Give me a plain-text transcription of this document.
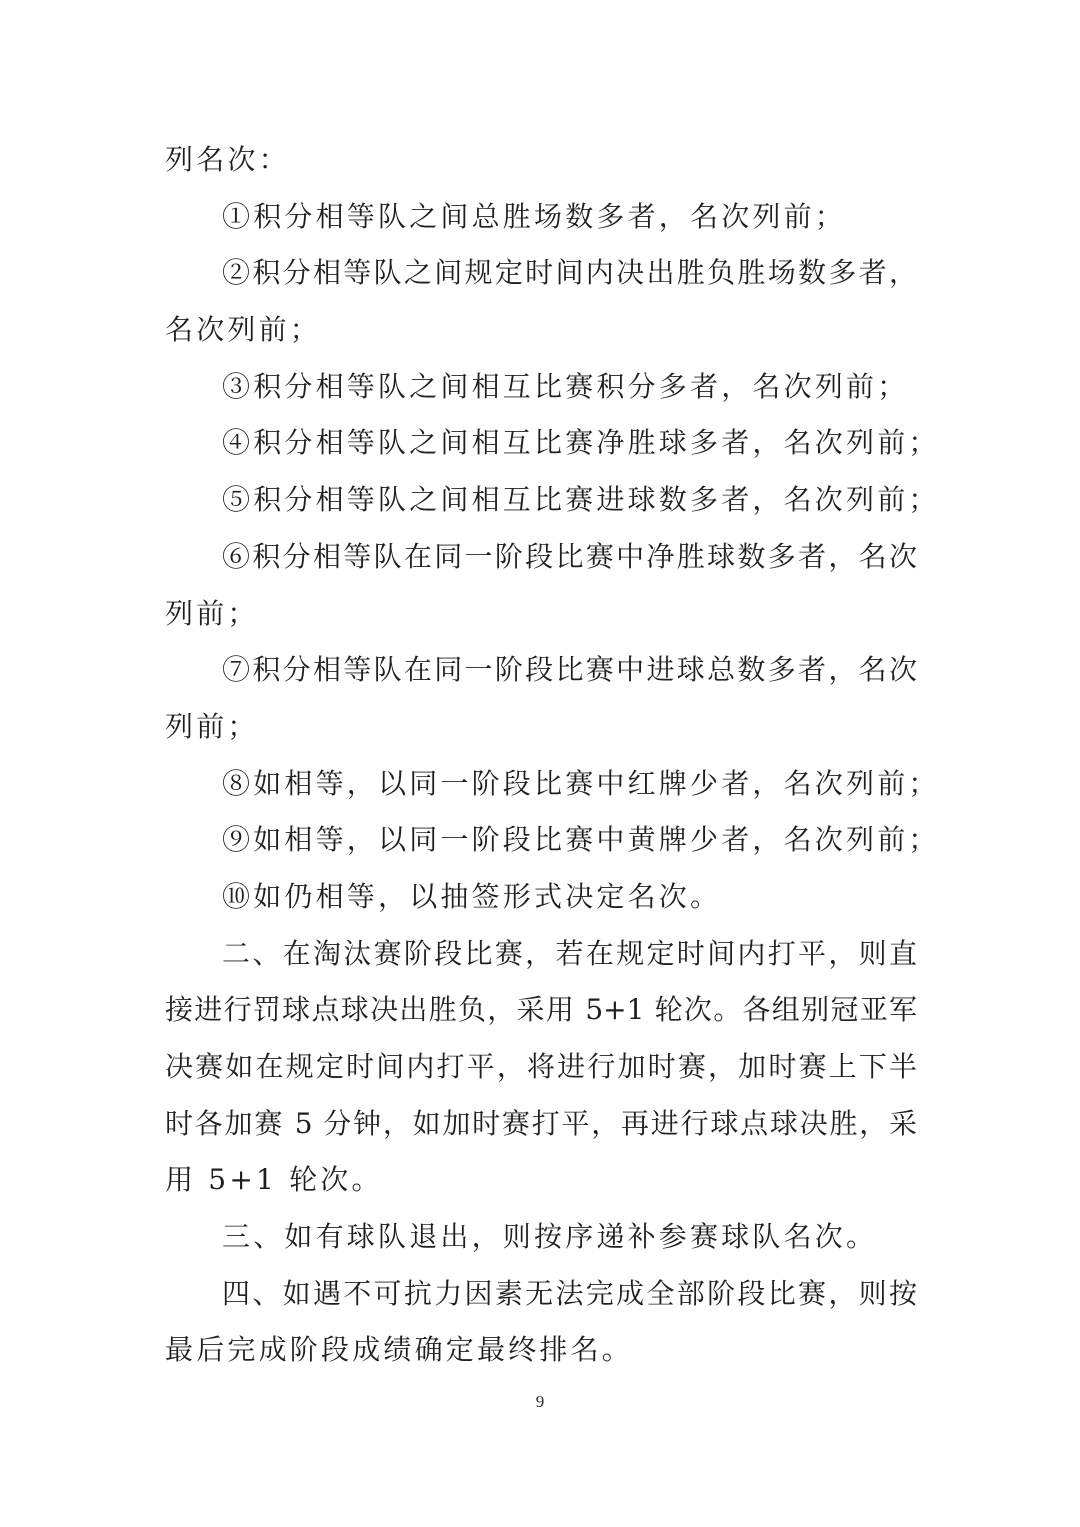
列名次：
①积分相等队之间总胜场数多者，名次列前；
②积分相等队之间规定时间内决出胜负胜场数多者，
名次列前；
③积分相等队之间相互比赛积分多者，名次列前；
④积分相等队之间相互比赛净胜球多者，名次列前；
⑤积分相等队之间相互比赛进球数多者，名次列前；
⑥积分相等队在同一阶段比赛中净胜球数多者，名次
列前；
⑦积分相等队在同一阶段比赛中进球总数多者，名次
列前；
⑧如相等，以同一阶段比赛中红牌少者，名次列前；
⑨如相等，以同一阶段比赛中黄牌少者，名次列前；
⑩如仍相等，以抽签形式决定名次。
二、在淘汰赛阶段比赛，若在规定时间内打平，则直
接进行罚球点球决出胜负，采用 5+1 轮次。各组别冠亚军
决赛如在规定时间内打平，将进行加时赛，加时赛上下半
时各加赛 5 分钟，如加时赛打平，再进行球点球决胜，采
用 5+1 轮次。
三、如有球队退出，则按序递补参赛球队名次。
四、如遇不可抗力因素无法完成全部阶段比赛，则按
最后完成阶段成绩确定最终排名。
9
